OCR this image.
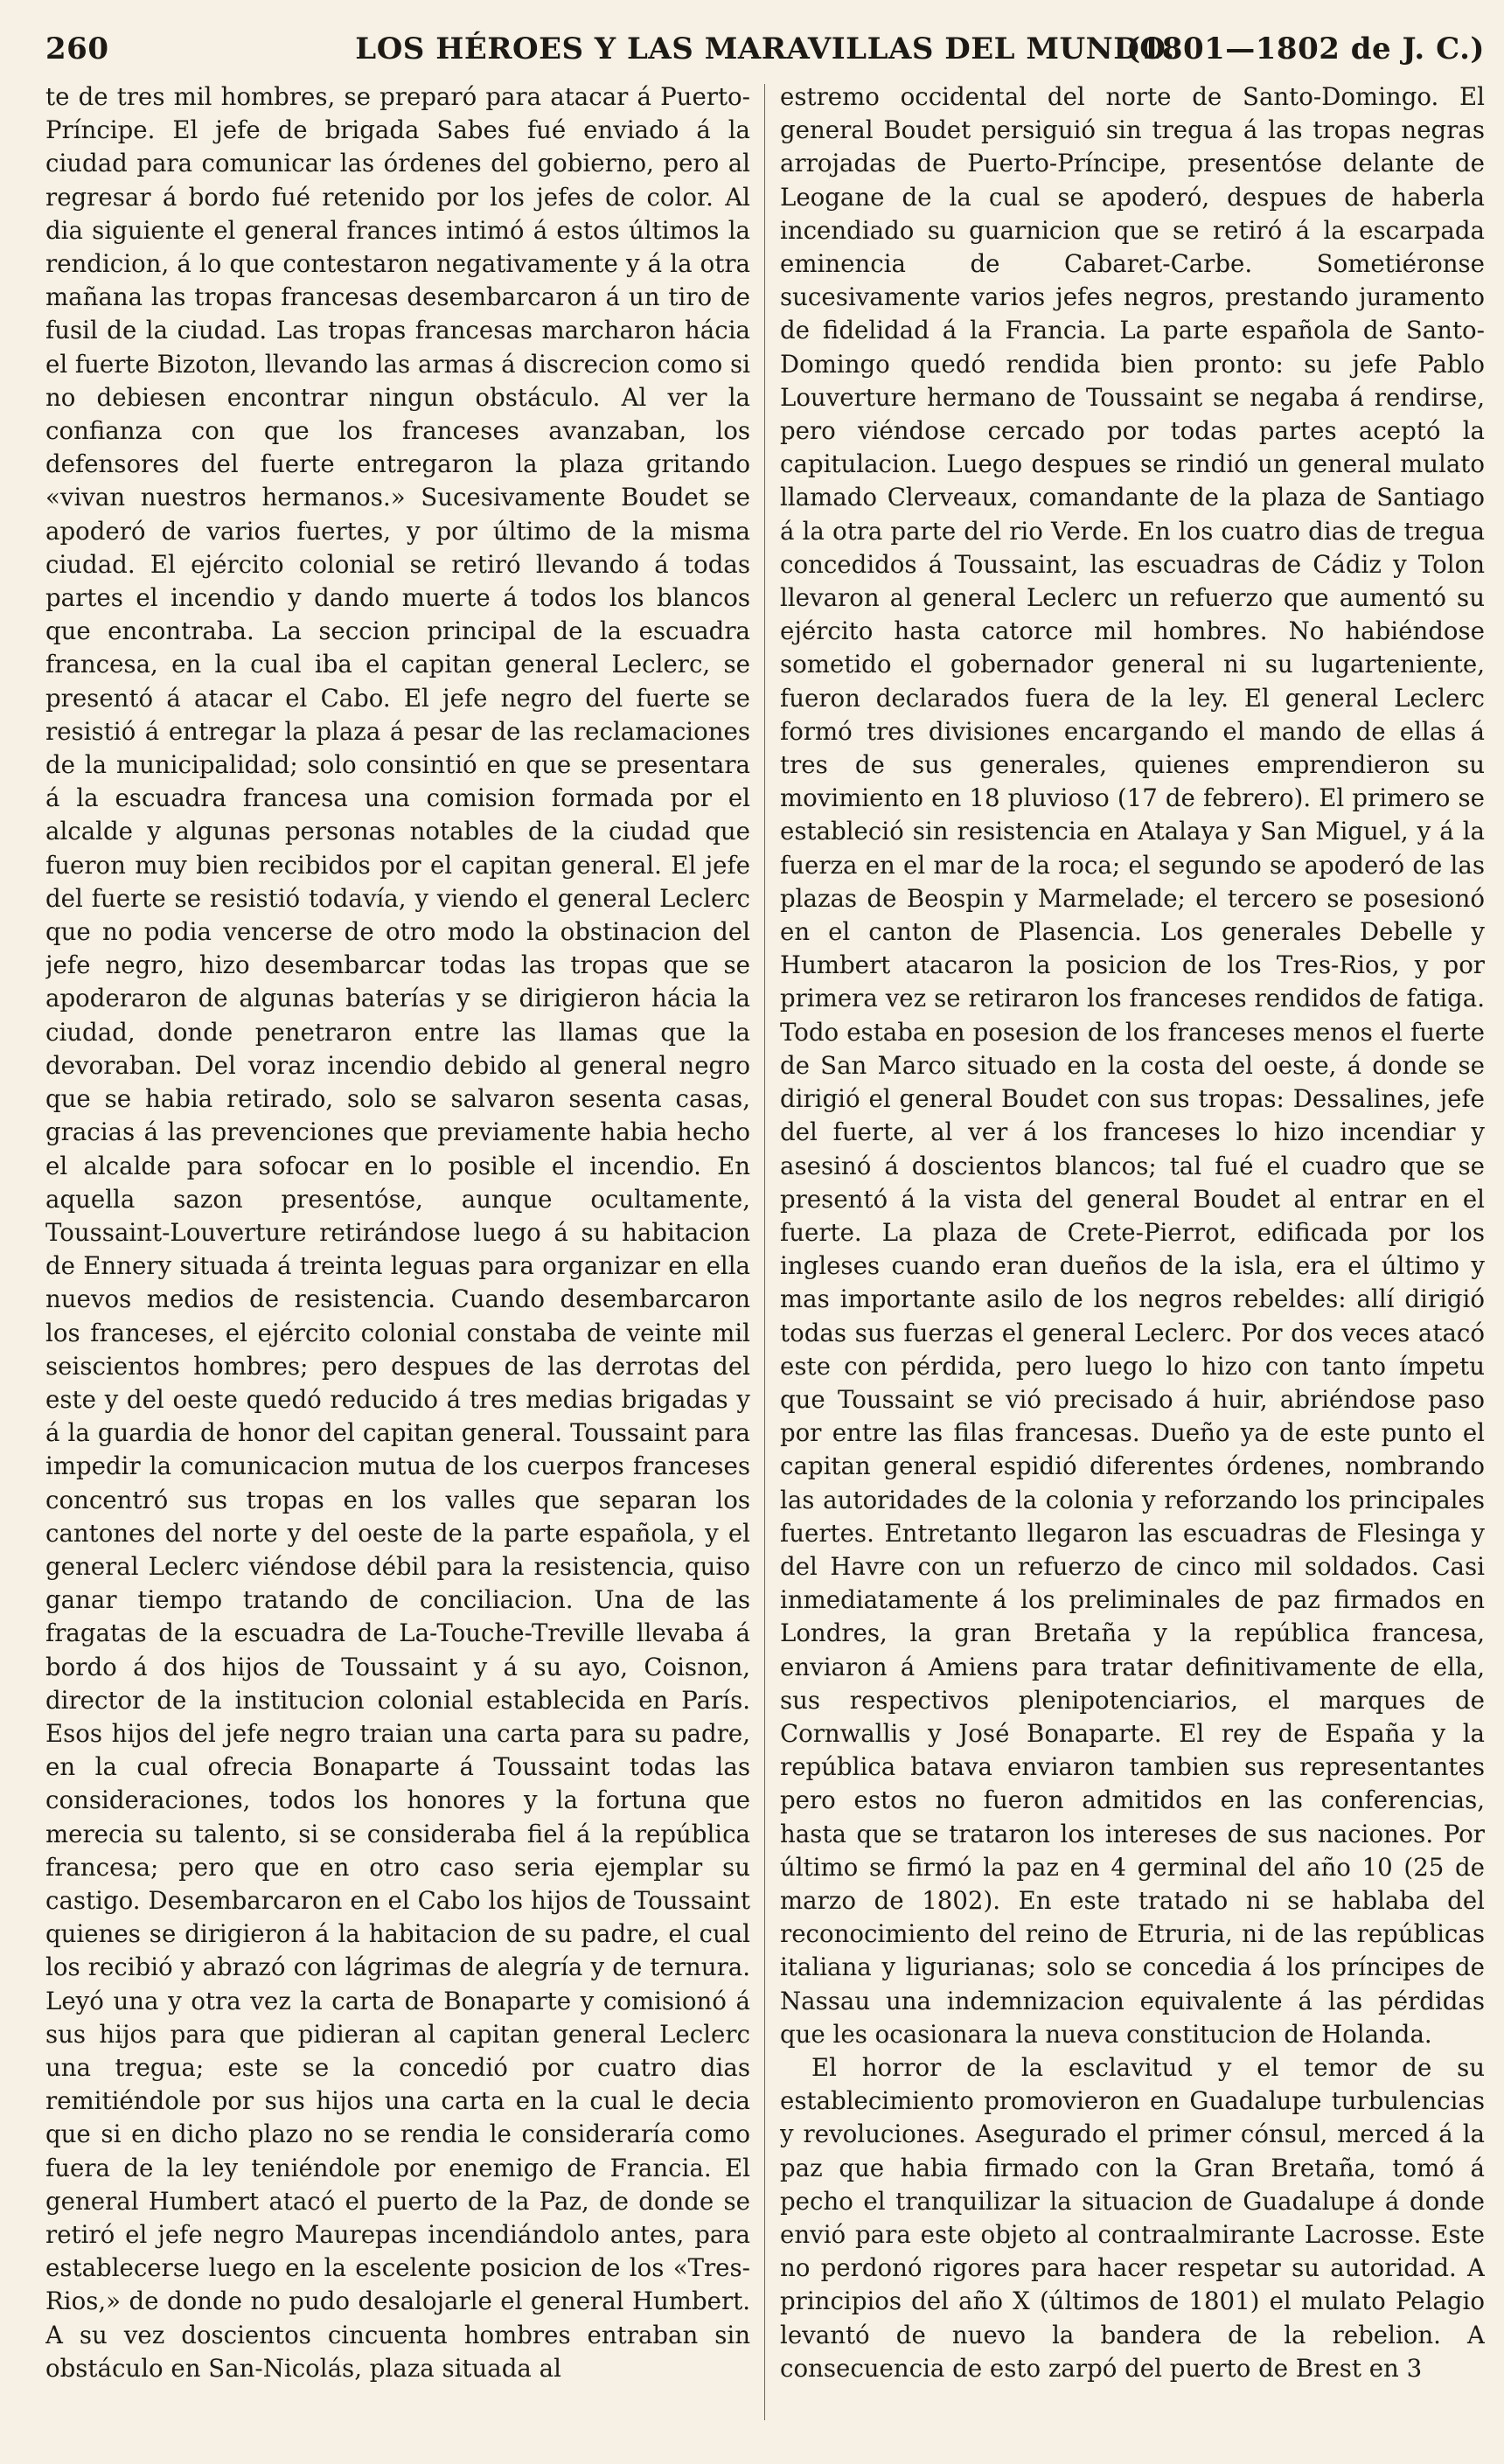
260	LOS HÉROES Y LAS MARAVILLAS DEL MUNDO.
(1801—1802 de J. C.)

te de tres mil hombres, se preparó para atacar á Puerto-Príncipe. El jefe de brigada Sabes fué enviado á la ciudad para comunicar las órdenes del gobierno, pero al regresar á bordo fué retenido por los jefes de color. Al dia siguiente el general frances intimó á estos últimos la rendicion, á lo que contestaron negativamente y á la otra mañana las tropas francesas desembarcaron á un tiro de fusil de la ciudad. Las tropas francesas marcharon hácia el fuerte Bizoton, llevando las armas á discrecion como si no debiesen encontrar ningun obstáculo. Al ver la confianza con que los franceses avanzaban, los defensores del fuerte entregaron la plaza gritando «vivan nuestros hermanos.» Sucesivamente Boudet se apoderó de varios fuertes, y por último de la misma ciudad. El ejército colonial se retiró llevando á todas partes el incendio y dando muerte á todos los blancos que encontraba. La seccion principal de la escuadra francesa, en la cual iba el capitan general Leclerc, se presentó á atacar el Cabo. El jefe negro del fuerte se resistió á entregar la plaza á pesar de las reclamaciones de la municipalidad; solo consintió en que se presentara á la escuadra francesa una comision formada por el alcalde y algunas personas notables de la ciudad que fueron muy bien recibidos por el capitan general. El jefe del fuerte se resistió todavía, y viendo el general Leclerc que no podia vencerse de otro modo la obstinacion del jefe negro, hizo desembarcar todas las tropas que se apoderaron de algunas baterías y se dirigieron hácia la ciudad, donde penetraron entre las llamas que la devoraban. Del voraz incendio debido al general negro que se habia retirado, solo se salvaron sesenta casas, gracias á las prevenciones que previamente habia hecho el alcalde para sofocar en lo posible el incendio. En aquella sazon presentóse, aunque ocultamente, Toussaint-Louverture retirándose luego á su habitacion de Ennery situada á treinta leguas para organizar en ella nuevos medios de resistencia. Cuando desembarcaron los franceses, el ejército colonial constaba de veinte mil seiscientos hombres; pero despues de las derrotas del este y del oeste quedó reducido á tres medias brigadas y á la guardia de honor del capitan general. Toussaint para impedir la comunicacion mutua de los cuerpos franceses concentró sus tropas en los valles que separan los cantones del norte y del oeste de la parte española, y el general Leclerc viéndose débil para la resistencia, quiso ganar tiempo tratando de conciliacion. Una de las fragatas de la escuadra de La-Touche-Treville llevaba á bordo á dos hijos de Toussaint y á su ayo, Coisnon, director de la institucion colonial establecida en París. Esos hijos del jefe negro traian una carta para su padre, en la cual ofrecia Bonaparte á Toussaint todas las consideraciones, todos los honores y la fortuna que merecia su talento, si se consideraba fiel á la república francesa; pero que en otro caso seria ejemplar su castigo. Desembarcaron en el Cabo los hijos de Toussaint quienes se dirigieron á la habitacion de su padre, el cual los recibió y abrazó con lágrimas de alegría y de ternura. Leyó una y otra vez la carta de Bonaparte y comisionó á sus hijos para que pidieran al capitan general Leclerc una tregua; este se la concedió por cuatro dias remitiéndole por sus hijos una carta en la cual le decia que si en dicho plazo no se rendia le consideraría como fuera de la ley teniéndole por enemigo de Francia. El general Humbert atacó el puerto de la Paz, de donde se retiró el jefe negro Maurepas incendiándolo antes, para establecerse luego en la escelente posicion de los «Tres-Rios,» de donde no pudo desalojarle el general Humbert. A su vez doscientos cincuenta hombres entraban sin obstáculo en San-Nicolás, plaza situada al

estremo occidental del norte de Santo-Domingo. El general Boudet persiguió sin tregua á las tropas negras arrojadas de Puerto-Príncipe, presentóse delante de Leogane de la cual se apoderó, despues de haberla incendiado su guarnicion que se retiró á la escarpada eminencia de Cabaret-Carbe. Sometiéronse sucesivamente varios jefes negros, prestando juramento de fidelidad á la Francia. La parte española de Santo-Domingo quedó rendida bien pronto: su jefe Pablo Louverture hermano de Toussaint se negaba á rendirse, pero viéndose cercado por todas partes aceptó la capitulacion. Luego despues se rindió un general mulato llamado Clerveaux, comandante de la plaza de Santiago á la otra parte del rio Verde. En los cuatro dias de tregua concedidos á Toussaint, las escuadras de Cádiz y Tolon llevaron al general Leclerc un refuerzo que aumentó su ejército hasta catorce mil hombres. No habiéndose sometido el gobernador general ni su lugarteniente, fueron declarados fuera de la ley. El general Leclerc formó tres divisiones encargando el mando de ellas á tres de sus generales, quienes emprendieron su movimiento en 18 pluvioso (17 de febrero). El primero se estableció sin resistencia en Atalaya y San Miguel, y á la fuerza en el mar de la roca; el segundo se apoderó de las plazas de Beospin y Marmelade; el tercero se posesionó en el canton de Plasencia. Los generales Debelle y Humbert atacaron la posicion de los Tres-Rios, y por primera vez se retiraron los franceses rendidos de fatiga. Todo estaba en posesion de los franceses menos el fuerte de San Marco situado en la costa del oeste, á donde se dirigió el general Boudet con sus tropas: Dessalines, jefe del fuerte, al ver á los franceses lo hizo incendiar y asesinó á doscientos blancos; tal fué el cuadro que se presentó á la vista del general Boudet al entrar en el fuerte. La plaza de Crete-Pierrot, edificada por los ingleses cuando eran dueños de la isla, era el último y mas importante asilo de los negros rebeldes: allí dirigió todas sus fuerzas el general Leclerc. Por dos veces atacó este con pérdida, pero luego lo hizo con tanto ímpetu que Toussaint se vió precisado á huir, abriéndose paso por entre las filas francesas. Dueño ya de este punto el capitan general espidió diferentes órdenes, nombrando las autoridades de la colonia y reforzando los principales fuertes. Entretanto llegaron las escuadras de Flesinga y del Havre con un refuerzo de cinco mil soldados. Casi inmediatamente á los preliminales de paz firmados en Londres, la gran Bretaña y la república francesa, enviaron á Amiens para tratar definitivamente de ella, sus respectivos plenipotenciarios, el marques de Cornwallis y José Bonaparte. El rey de España y la república batava enviaron tambien sus representantes pero estos no fueron admitidos en las conferencias, hasta que se trataron los intereses de sus naciones. Por último se firmó la paz en 4 germinal del año 10 (25 de marzo de 1802). En este tratado ni se hablaba del reconocimiento del reino de Etruria, ni de las repúblicas italiana y ligurianas; solo se concedia á los príncipes de Nassau una indemnizacion equivalente á las pérdidas que les ocasionara la nueva constitucion de Holanda.

El horror de la esclavitud y el temor de su establecimiento promovieron en Guadalupe turbulencias y revoluciones. Asegurado el primer cónsul, merced á la paz que habia firmado con la Gran Bretaña, tomó á pecho el tranquilizar la situacion de Guadalupe á donde envió para este objeto al contraalmirante Lacrosse. Este no perdonó rigores para hacer respetar su autoridad. A principios del año X (últimos de 1801) el mulato Pelagio levantó de nuevo la bandera de la rebelion. A consecuencia de esto zarpó del puerto de Brest en 3
